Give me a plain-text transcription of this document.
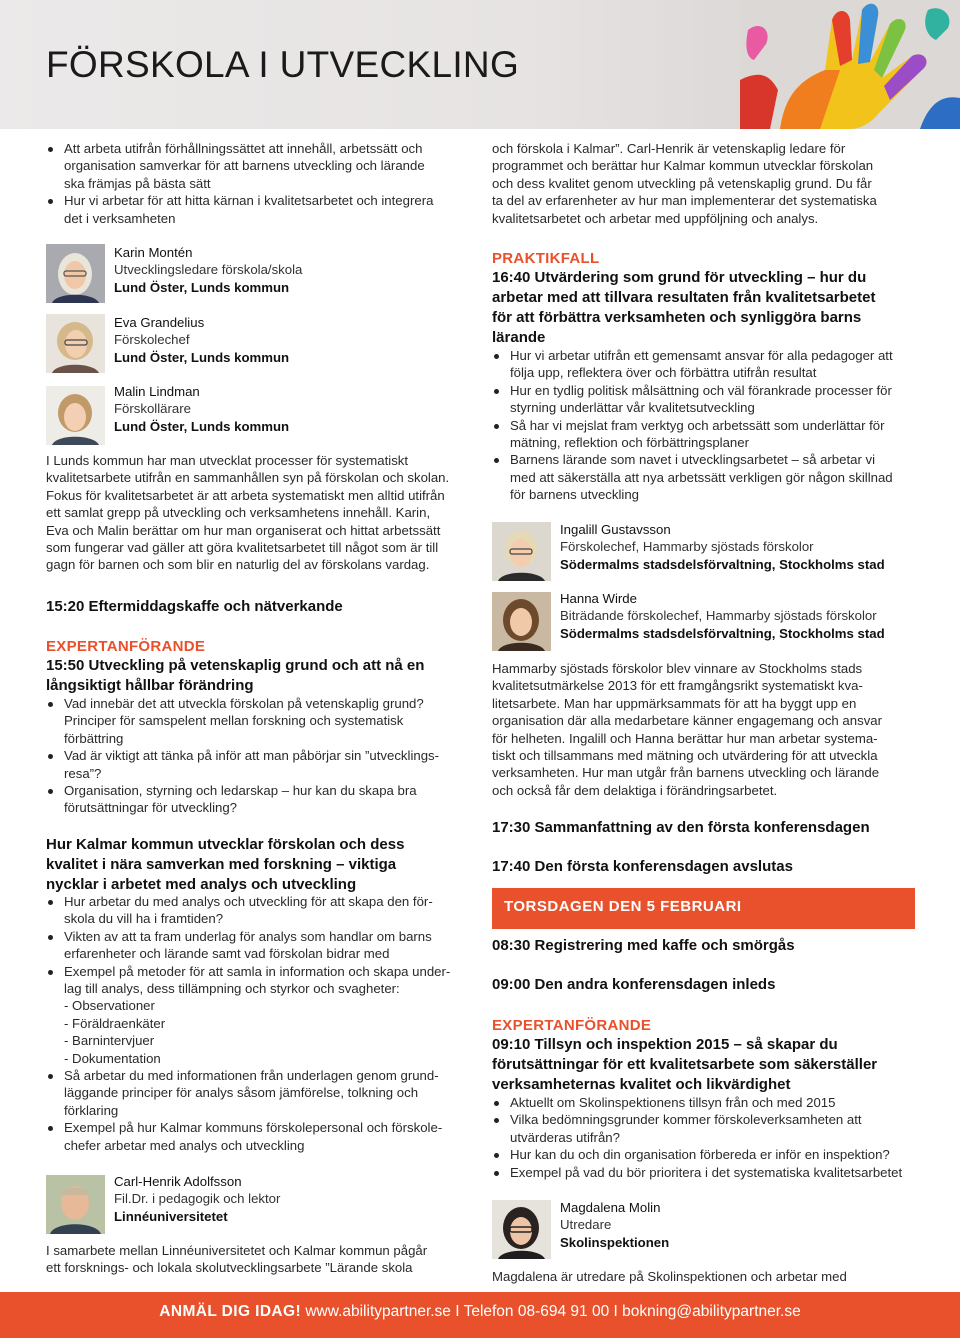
FÖRSKOLA I UTVECKLING
Att arbeta utifrån förhållningssättet att innehåll, arbetssätt och
organisation samverkar för att barnens utveckling och lärande
ska främjas på bästa sätt
Hur vi arbetar för att hitta kärnan i kvalitetsarbetet och integrera
det i verksamheten
Karin Montén
Utvecklingsledare förskola/skola
Lund Öster, Lunds kommun
Eva Grandelius
Förskolechef
Lund Öster, Lunds kommun
Malin Lindman
Förskollärare
Lund Öster, Lunds kommun
I Lunds kommun har man utvecklat processer för systematiskt
kvalitetsarbete utifrån en sammanhållen syn på förskolan och skolan.
Fokus för kvalitetsarbetet är att arbeta systematiskt men alltid utifrån
ett samlat grepp på utveckling och verksamhetens innehåll. Karin,
Eva och Malin berättar om hur man organiserat och hittat arbetssätt
som fungerar vad gäller att göra kvalitetsarbetet till något som är till
gagn för barnen och som blir en naturlig del av förskolans vardag.
15:20 Eftermiddagskaffe och nätverkande
EXPERTANFÖRANDE
15:50 Utveckling på vetenskaplig grund och att nå en
långsiktigt hållbar förändring
Vad innebär det att utveckla förskolan på vetenskaplig grund?
Principer för samspelent mellan forskning och systematisk
förbättring
Vad är viktigt att tänka på inför att man påbörjar sin ”utvecklings-
resa”?
Organisation, styrning och ledarskap – hur kan du skapa bra
förutsättningar för utveckling?
Hur Kalmar kommun utvecklar förskolan och dess
kvalitet i nära samverkan med forskning – viktiga
nycklar i arbetet med analys och utveckling
Hur arbetar du med analys och utveckling för att skapa den för-
skola du vill ha i framtiden?
Vikten av att ta fram underlag för analys som handlar om barns
erfarenheter och lärande samt vad förskolan bidrar med
Exempel på metoder för att samla in information och skapa under-
lag till analys, dess tillämpning och styrkor och svagheter:
- Observationer
- Föräldraenkäter
- Barnintervjuer
- Dokumentation
Så arbetar du med informationen från underlagen genom grund-
läggande principer för analys såsom jämförelse, tolkning och
förklaring
Exempel på hur Kalmar kommuns förskolepersonal och förskole-
chefer arbetar med analys och utveckling
Carl-Henrik Adolfsson
Fil.Dr. i pedagogik och lektor
Linnéuniversitetet
I samarbete mellan Linnéuniversitetet och Kalmar kommun pågår
ett forsknings- och lokala skolutvecklingsarbete ”Lärande skola
och förskola i Kalmar”. Carl-Henrik är vetenskaplig ledare för
programmet och berättar hur Kalmar kommun utvecklar förskolan
och dess kvalitet genom utveckling på vetenskaplig grund. Du får
ta del av erfarenheter av hur man implementerar det systematiska
kvalitetsarbetet och arbetar med uppföljning och analys.
PRAKTIKFALL
16:40 Utvärdering som grund för utveckling – hur du
arbetar med att tillvara resultaten från kvalitetsarbetet
för att förbättra verksamheten och synliggöra barns
lärande
Hur vi arbetar utifrån ett gemensamt ansvar för alla pedagoger att
följa upp, reflektera över och förbättra utifrån resultat
Hur en tydlig politisk målsättning och väl förankrade processer för
styrning underlättar vår kvalitetsutveckling
Så har vi mejslat fram verktyg och arbetssätt som underlättar för
mätning, reflektion och förbättringsplaner
Barnens lärande som navet i utvecklingsarbetet – så arbetar vi
med att säkerställa att nya arbetssätt verkligen gör någon skillnad
för barnens utveckling
Ingalill Gustavsson
Förskolechef, Hammarby sjöstads förskolor
Södermalms stadsdelsförvaltning, Stockholms stad
Hanna Wirde
Biträdande förskolechef, Hammarby sjöstads förskolor
Södermalms stadsdelsförvaltning, Stockholms stad
Hammarby sjöstads förskolor blev vinnare av Stockholms stads
kvalitetsutmärkelse 2013 för ett framgångsrikt systematiskt kva-
litetsarbete. Man har uppmärksammats för att ha byggt upp en
organisation där alla medarbetare känner engagemang och ansvar
för helheten. Ingalill och Hanna berättar hur man arbetar systema-
tiskt och tillsammans med mätning och utvärdering för att utveckla
verksamheten. Hur man utgår från barnens utveckling och lärande
och också får dem delaktiga i förändringsarbetet.
17:30 Sammanfattning av den första konferensdagen
17:40 Den första konferensdagen avslutas
TORSDAGEN DEN 5 FEBRUARI
08:30 Registrering med kaffe och smörgås
09:00 Den andra konferensdagen inleds
EXPERTANFÖRANDE
09:10 Tillsyn och inspektion 2015 – så skapar du
förutsättningar för ett kvalitetsarbete som säkerställer
verksamheternas kvalitet och likvärdighet
Aktuellt om Skolinspektionens tillsyn från och med 2015
Vilka bedömningsgrunder kommer förskoleverksamheten att
utvärderas utifrån?
Hur kan du och din organisation förbereda er inför en inspektion?
Exempel på vad du bör prioritera i det systematiska kvalitetsarbetet
Magdalena Molin
Utredare
Skolinspektionen
Magdalena är utredare på Skolinspektionen och arbetar med
ANMÄL DIG IDAG! www.abilitypartner.se I Telefon 08-694 91 00 I bokning@abilitypartner.se
